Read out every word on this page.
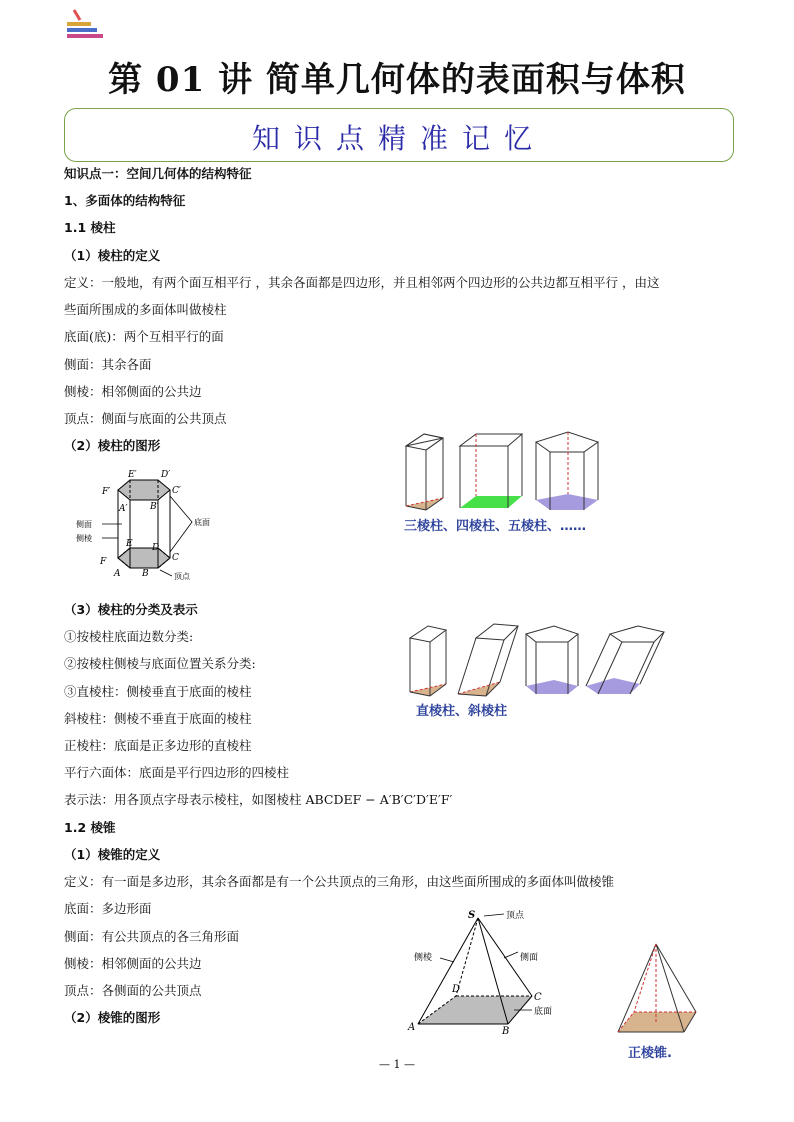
第 01 讲 简单几何体的表面积与体积
知识点精准记忆
知识点一：空间几何体的结构特征
1、多面体的结构特征
1.1 棱柱
（1）棱柱的定义
定义：一般地，有两个面互相平行 ，其余各面都是四边形，并且相邻两个四边形的公共边都互相平行 ，由这
些面所围成的多面体叫做棱柱
底面(底)：两个互相平行的面
侧面：其余各面
侧棱：相邻侧面的公共边
顶点：侧面与底面的公共顶点
（2）棱柱的图形
E′	D′
F′	C′
A′ B′
E D
F	C
A B
侧面
侧棱
底面
顶点
三棱柱、四棱柱、五棱柱、……
（3）棱柱的分类及表示
①按棱柱底面边数分类:
②按棱柱侧棱与底面位置关系分类:
③直棱柱：侧棱垂直于底面的棱柱
斜棱柱：侧棱不垂直于底面的棱柱
正棱柱：底面是正多边形的直棱柱
平行六面体：底面是平行四边形的四棱柱
表示法：用各顶点字母表示棱柱，如图棱柱 ABCDEF − A′B′C′D′E′F′
直棱柱、斜棱柱
1.2 棱锥
（1）棱锥的定义
定义：有一面是多边形，其余各面都是有一个公共顶点的三角形，由这些面所围成的多面体叫做棱锥
底面：多边形面
侧面：有公共顶点的各三角形面
侧棱：相邻侧面的公共边
顶点：各侧面的公共顶点
（2）棱锥的图形
S
D
C
A	B
顶点
侧棱	侧面
底面
正棱锥.
— 1 —
